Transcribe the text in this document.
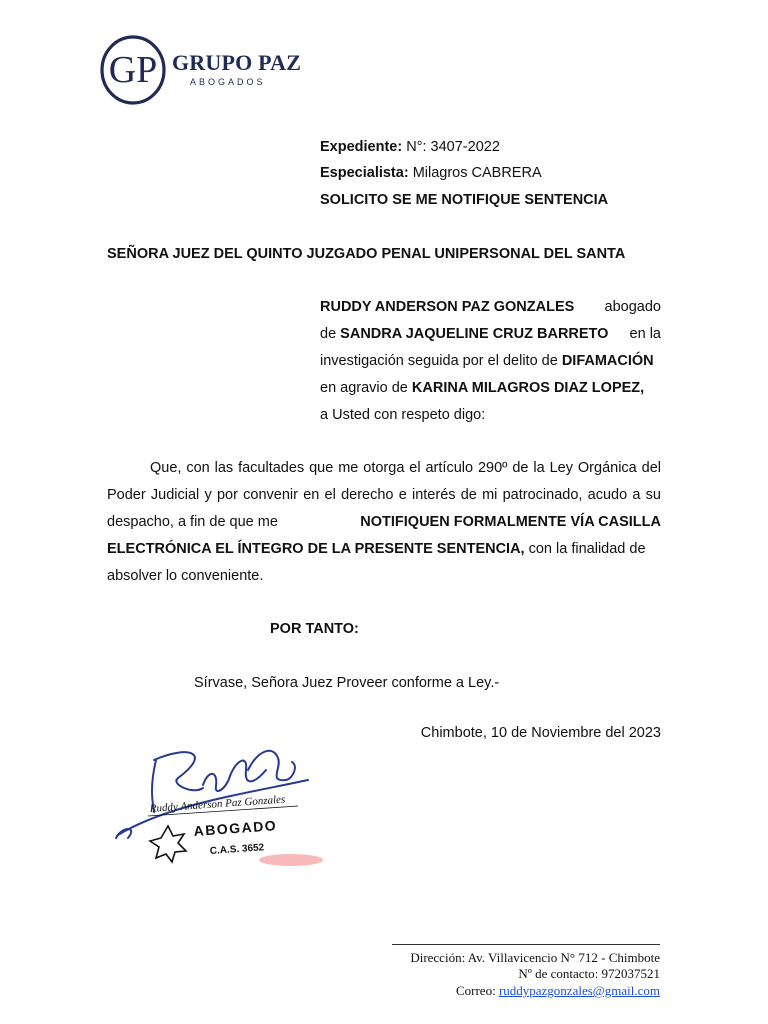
GP GRUPO PAZ
ABOGADOS
Expediente: N°: 3407-2022
Especialista: Milagros CABRERA
SOLICITO SE ME NOTIFIQUE SENTENCIA
SEÑORA JUEZ DEL QUINTO JUZGADO PENAL UNIPERSONAL DEL SANTA
RUDDY ANDERSON PAZ GONZALES abogado
de SANDRA JAQUELINE CRUZ BARRETO en la
investigación seguida por el delito de DIFAMACIÓN
en agravio de KARINA MILAGROS DIAZ LOPEZ,
a Usted con respeto digo:
Que, con las facultades que me otorga el artículo 290º de la Ley Orgánica del
Poder Judicial y por convenir en el derecho e interés de mi patrocinado, acudo a su
despacho, a fin de que me	NOTIFIQUEN FORMALMENTE VÍA CASILLA
ELECTRÓNICA EL ÍNTEGRO DE LA PRESENTE SENTENCIA, con la finalidad de
absolver lo conveniente.
POR TANTO:
Sírvase, Señora Juez Proveer conforme a Ley.-
Chimbote, 10 de Noviembre del 2023
Ruddy Anderson Paz Gonzales
ABOGADO
C.A.S. 3652
Dirección: Av. Villavicencio N° 712 - Chimbote
Nº de contacto: 972037521
Correo: ruddypazgonzales@gmail.com
